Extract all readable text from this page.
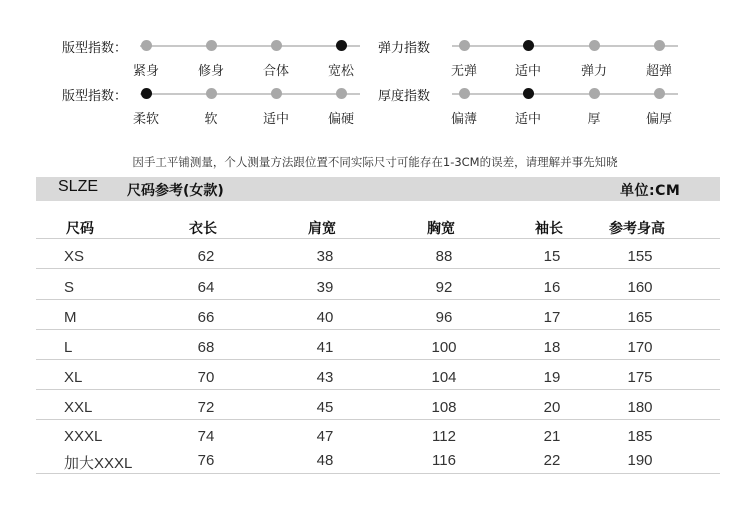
版型指数：
版型指数：
弹力指数
厚度指数
紧身	修身	合体	宽松	无弹	适中	弹力	超弹
柔软	软	适中	偏硬	偏薄	适中	厚	偏厚
因手工平铺测量，个人测量方法跟位置不同实际尺寸可能存在1-3CM的误差，请理解并事先知晓
SLZE 尺码参考(女款)	单位:CM
尺码	衣长	肩宽	胸宽	袖长	参考身高
XS	62	38	88	15	155
S	64	39	92	16	160
M	66	40	96	17	165
L	68	41	100	18	170
XL	70	43	104	19	175
XXL	72	45	108	20	180
XXXL	74	47	112	21	185
加大XXXL	76	48	116	22	190
